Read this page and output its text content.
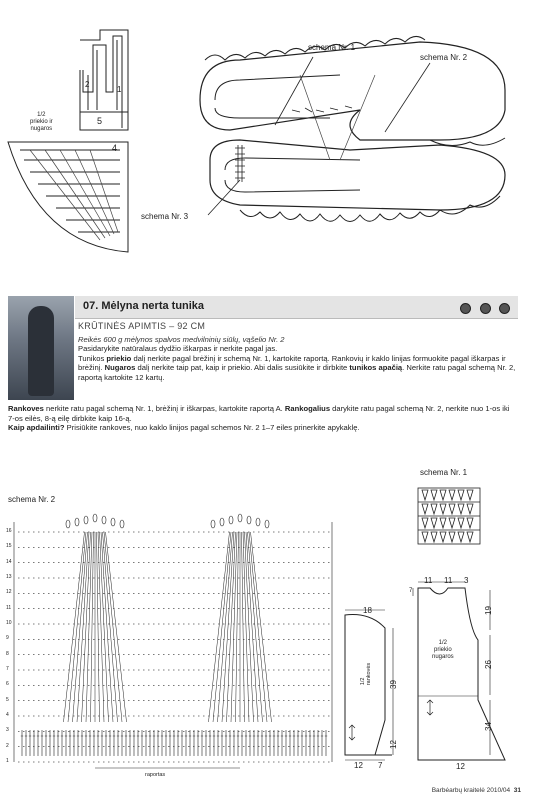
schema Nr. 1
schema Nr. 2
schema Nr. 3
1/2
priekio ir
nugaros
5
4
2
1
07. Mėlyna nerta tunika

KRŪTINĖS APIMTIS – 92 CM

Reikės 600 g mėlynos spalvos medvilninių siūlų, vąšelio Nr. 2

Pasidarykite natūralaus dydžio iškarpas ir nerkite pagal jas.

Tunikos priekio dalį nerkite pagal brėžinį ir schemą Nr. 1, kartokite raportą. Rankovių ir kaklo linijas formuokite pagal iškarpas ir brėžinį. Nugaros dalį nerkite taip pat, kaip ir priekio. Abi dalis susiūkite ir dirbkite tunikos apačią. Nerkite ratu pagal schemą Nr. 2, raportą kartokite 12 kartų.

Rankoves nerkite ratu pagal schemą Nr. 1, brėžinį ir iškarpas, kartokite raportą A. Rankogalius darykite ratu pagal schemą Nr. 2, nerkite nuo 1-os iki 7-os eilės, 8-ą eilę dirbkite kaip 16-ą.

Kaip apdailinti? Prisiūkite rankoves, nuo kaklo linijos pagal schemos Nr. 2 1–7 eiles prinerkite apykaklę.

schema Nr. 2
schema Nr. 1
16
15
14
13
12
11
10
9
8
7
6
5
4
3
2
1
raportas
18
1/2
rankovės 39
12
12 7
11 11 3
7
1/2
priekio
nugaros
19
26
34
12
Barbėarbų kraitelė 2010/04 31
